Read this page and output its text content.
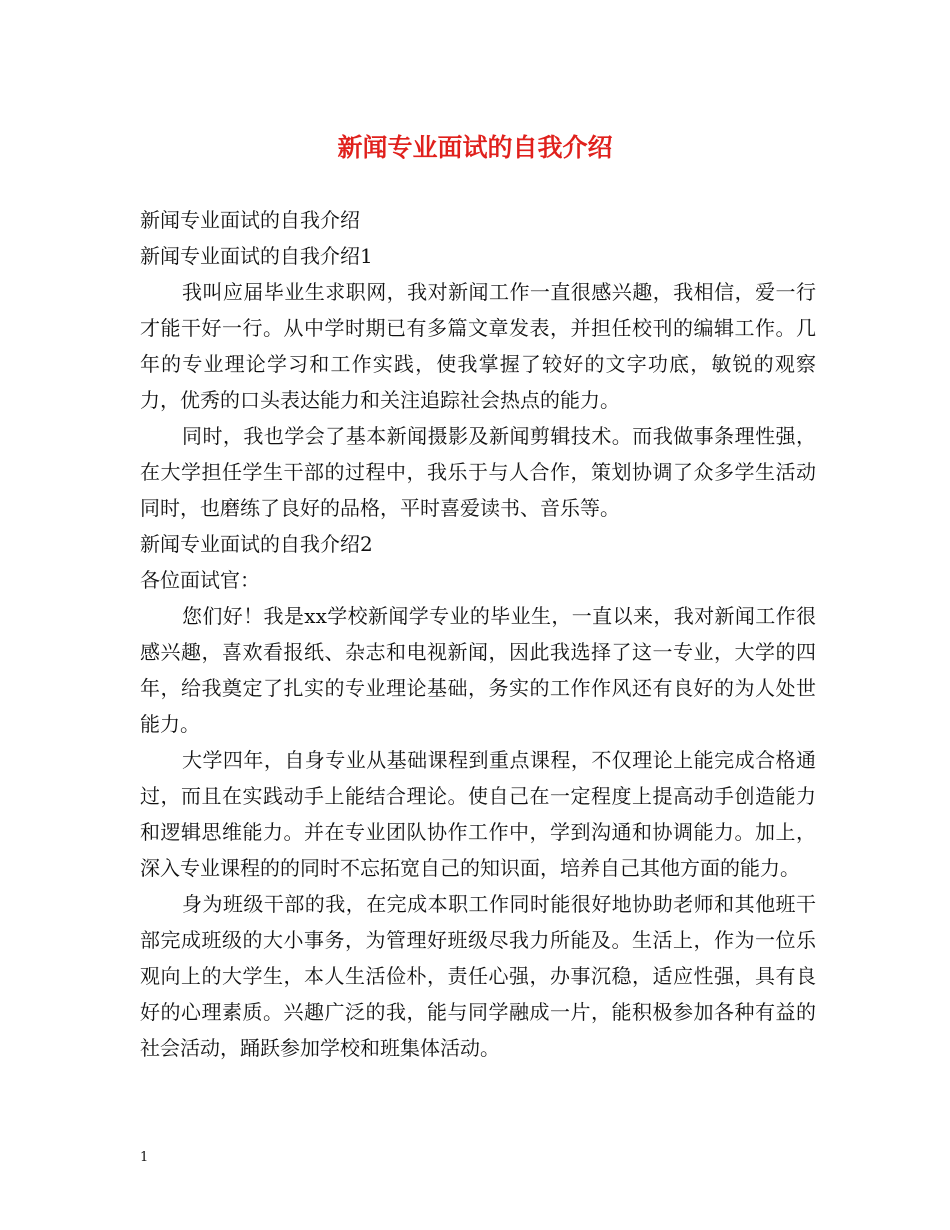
新闻专业面试的自我介绍

新闻专业面试的自我介绍

新闻专业面试的自我介绍1

我叫应届毕业生求职网，我对新闻工作一直很感兴趣，我相信，爱一行才能干好一行。从中学时期已有多篇文章发表，并担任校刊的编辑工作。几年的专业理论学习和工作实践，使我掌握了较好的文字功底，敏锐的观察力，优秀的口头表达能力和关注追踪社会热点的能力。

同时，我也学会了基本新闻摄影及新闻剪辑技术。而我做事条理性强，在大学担任学生干部的过程中，我乐于与人合作，策划协调了众多学生活动同时，也磨练了良好的品格，平时喜爱读书、音乐等。

新闻专业面试的自我介绍2

各位面试官：

您们好！我是xx学校新闻学专业的毕业生，一直以来，我对新闻工作很感兴趣，喜欢看报纸、杂志和电视新闻，因此我选择了这一专业，大学的四年，给我奠定了扎实的专业理论基础，务实的工作作风还有良好的为人处世能力。

大学四年，自身专业从基础课程到重点课程，不仅理论上能完成合格通过，而且在实践动手上能结合理论。使自己在一定程度上提高动手创造能力和逻辑思维能力。并在专业团队协作工作中，学到沟通和协调能力。加上，深入专业课程的的同时不忘拓宽自己的知识面，培养自己其他方面的能力。

身为班级干部的我，在完成本职工作同时能很好地协助老师和其他班干部完成班级的大小事务，为管理好班级尽我力所能及。生活上，作为一位乐观向上的大学生，本人生活俭朴，责任心强，办事沉稳，适应性强，具有良好的心理素质。兴趣广泛的我，能与同学融成一片，能积极参加各种有益的社会活动，踊跃参加学校和班集体活动。

1
